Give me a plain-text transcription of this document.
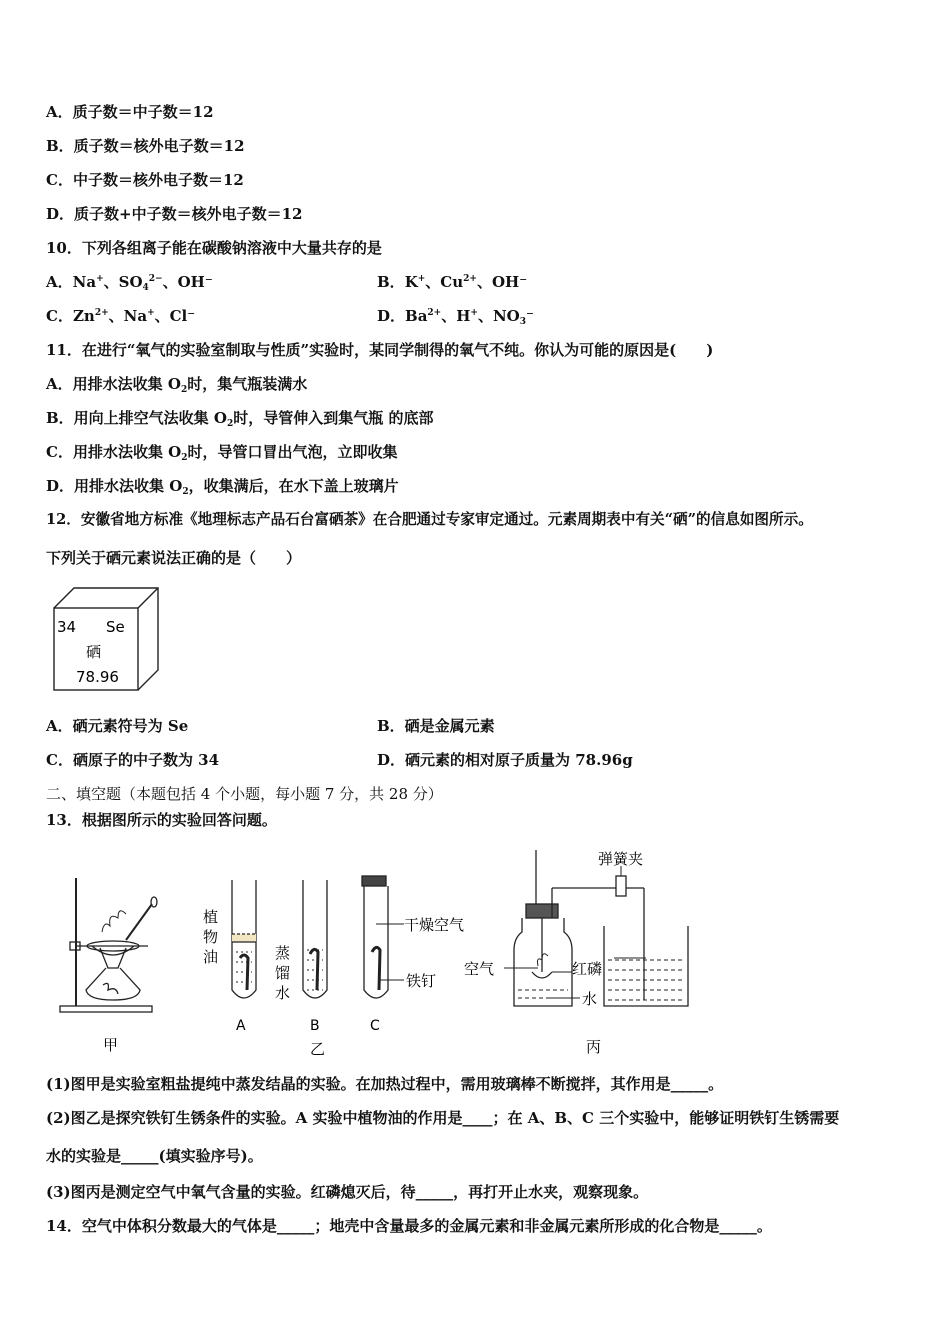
A．质子数＝中子数＝12
B．质子数＝核外电子数＝12
C．中子数＝核外电子数＝12
D．质子数+中子数＝核外电子数＝12
10．下列各组离子能在碳酸钠溶液中大量共存的是
A．Na+、$SO_4^{2-}$、OH⁻	B．K+、$Cu^{2+}$、OH⁻
C．$Zn^{2+}$、Na+、Cl⁻	D．$Ba^{2+}$、H+、$NO_3^-$
11．在进行“氧气的实验室制取与性质”实验时，某同学制得的氧气不纯。你认为可能的原因是(　　)
A．用排水法收集 $O_2$时，集气瓶装满水
B．用向上排空气法收集 $O_2$时，导管伸入到集气瓶 的底部
C．用排水法收集 $O_2$时，导管口冒出气泡，立即收集
D．用排水法收集 $O_2$，收集满后，在水下盖上玻璃片
12．安徽省地方标准《地理标志产品石台富硒茶》在合肥通过专家审定通过。元素周期表中有关“硒”的信息如图所示。
下列关于硒元素说法正确的是（　　）
34 Se
硒
78.96
A．硒元素符号为 Se	B．硒是金属元素
C．硒原子的中子数为 34	D．硒元素的相对原子质量为 78.96g
二、填空题（本题包括 4 个小题，每小题 7 分，共 28 分）
13．根据图所示的实验回答问题。
甲
植
物
油
A
蒸
馏
水
B
干燥空气
铁钉
C
乙
弹簧夹
空气	红磷
水
丙
(1)图甲是实验室粗盐提纯中蒸发结晶的实验。在加热过程中，需用玻璃棒不断搅拌，其作用是_____。
(2)图乙是探究铁钉生锈条件的实验。A 实验中植物油的作用是____；在 A、B、C 三个实验中，能够证明铁钉生锈需要
水的实验是_____(填实验序号)。
(3)图丙是测定空气中氧气含量的实验。红磷熄灭后，待_____，再打开止水夹，观察现象。
14．空气中体积分数最大的气体是_____；地壳中含量最多的金属元素和非金属元素所形成的化合物是_____。
